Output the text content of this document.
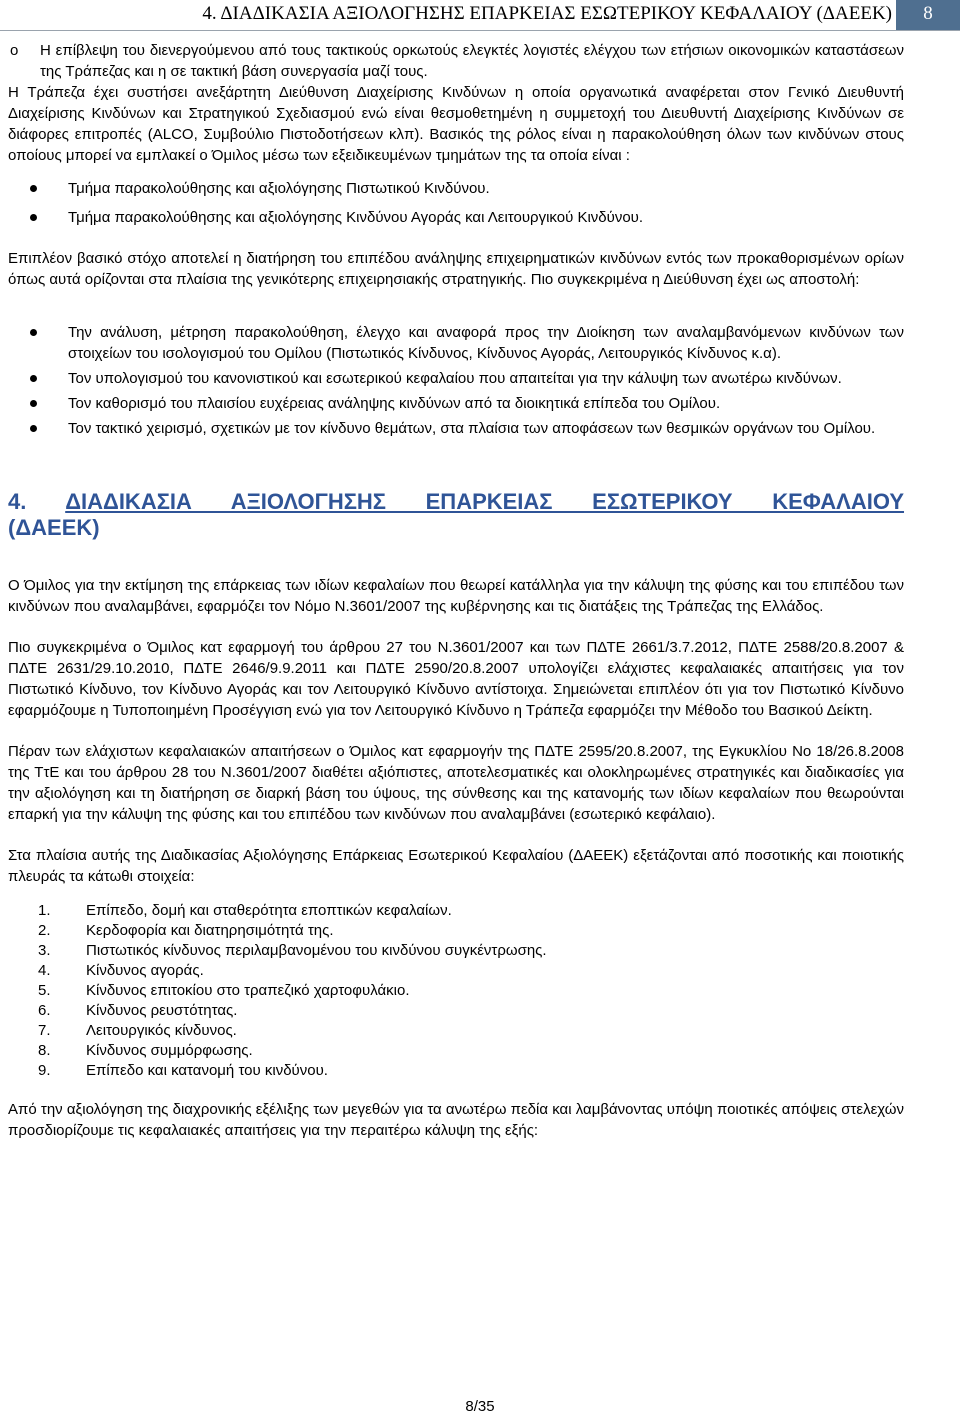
4. ΔΙΑΔΙΚΑΣΙΑ ΑΞΙΟΛΟΓΗΣΗΣ ΕΠΑΡΚΕΙΑΣ ΕΣΩΤΕΡΙΚΟΥ ΚΕΦΑΛΑΙΟΥ (ΔΑΕΕΚ)	8
o Η επίβλεψη του διενεργούμενου από τους τακτικούς ορκωτούς ελεγκτές λογιστές ελέγχου των ετήσιων οικονομικών καταστάσεων της Τράπεζας και η σε τακτική βάση συνεργασία μαζί τους.

Η Τράπεζα έχει συστήσει ανεξάρτητη Διεύθυνση Διαχείρισης Κινδύνων η οποία οργανωτικά αναφέρεται στον Γενικό Διευθυντή Διαχείρισης Κινδύνων και Στρατηγικού Σχεδιασμού ενώ είναι θεσμοθετημένη η συμμετοχή του Διευθυντή Διαχείρισης Κινδύνων σε διάφορες επιτροπές (ALCO, Συμβούλιο Πιστοδοτήσεων κλπ). Βασικός της ρόλος είναι η παρακολούθηση όλων των κινδύνων στους οποίους μπορεί να εμπλακεί ο Όμιλος μέσω των εξειδικευμένων τμημάτων της τα οποία είναι :

Τμήμα παρακολούθησης και αξιολόγησης Πιστωτικού Κινδύνου.
Τμήμα παρακολούθησης και αξιολόγησης Κινδύνου Αγοράς και Λειτουργικού Κινδύνου.

Επιπλέον βασικό στόχο αποτελεί η διατήρηση του επιπέδου ανάληψης επιχειρηματικών κινδύνων εντός των προκαθορισμένων ορίων όπως αυτά ορίζονται στα πλαίσια της γενικότερης επιχειρησιακής στρατηγικής. Πιο συγκεκριμένα η Διεύθυνση έχει ως αποστολή:

Την ανάλυση, μέτρηση παρακολούθηση, έλεγχο και αναφορά προς την Διοίκηση των αναλαμβανόμενων κινδύνων των στοιχείων του ισολογισμού του Ομίλου (Πιστωτικός Κίνδυνος, Κίνδυνος Αγοράς, Λειτουργικός Κίνδυνος κ.α).
Τον υπολογισμού του κανονιστικού και εσωτερικού κεφαλαίου που απαιτείται για την κάλυψη των ανωτέρω κινδύνων.
Τον καθορισμό του πλαισίου ευχέρειας ανάληψης κινδύνων από τα διοικητικά επίπεδα του Ομίλου.
Τον τακτικό χειρισμό, σχετικών με τον κίνδυνο θεμάτων, στα πλαίσια των αποφάσεων των θεσμικών οργάνων του Ομίλου.
4. ΔΙΑΔΙΚΑΣΙΑ ΑΞΙΟΛΟΓΗΣΗΣ ΕΠΑΡΚΕΙΑΣ ΕΣΩΤΕΡΙΚΟΥ ΚΕΦΑΛΑΙΟΥ
(ΔΑΕΕΚ)

Ο Όμιλος για την εκτίμηση της επάρκειας των ιδίων κεφαλαίων που θεωρεί κατάλληλα για την κάλυψη της φύσης και του επιπέδου των κινδύνων που αναλαμβάνει, εφαρμόζει τον Νόμο Ν.3601/2007 της κυβέρνησης και τις διατάξεις της Τράπεζας της Ελλάδος.

Πιο συγκεκριμένα ο Όμιλος κατ εφαρμογή του άρθρου 27 του Ν.3601/2007 και των ΠΔΤΕ 2661/3.7.2012, ΠΔΤΕ 2588/20.8.2007 & ΠΔΤΕ 2631/29.10.2010, ΠΔΤΕ 2646/9.9.2011 και ΠΔΤΕ 2590/20.8.2007 υπολογίζει ελάχιστες κεφαλαιακές απαιτήσεις για τον Πιστωτικό Κίνδυνο, τον Κίνδυνο Αγοράς και τον Λειτουργικό Κίνδυνο αντίστοιχα. Σημειώνεται επιπλέον ότι για τον Πιστωτικό Κίνδυνο εφαρμόζουμε η Τυποποιημένη Προσέγγιση ενώ για τον Λειτουργικό Κίνδυνο η Τράπεζα εφαρμόζει την Μέθοδο του Βασικού Δείκτη.

Πέραν των ελάχιστων κεφαλαιακών απαιτήσεων ο Όμιλος κατ εφαρμογήν της ΠΔΤΕ 2595/20.8.2007, της Εγκυκλίου Νο 18/26.8.2008 της ΤτΕ και του άρθρου 28 του Ν.3601/2007 διαθέτει αξιόπιστες, αποτελεσματικές και ολοκληρωμένες στρατηγικές και διαδικασίες για την αξιολόγηση και τη διατήρηση σε διαρκή βάση του ύψους, της σύνθεσης και της κατανομής των ιδίων κεφαλαίων που θεωρούνται επαρκή για την κάλυψη της φύσης και του επιπέδου των κινδύνων που αναλαμβάνει (εσωτερικό κεφάλαιο).

Στα πλαίσια αυτής της Διαδικασίας Αξιολόγησης Επάρκειας Εσωτερικού Κεφαλαίου (ΔΑΕΕΚ) εξετάζονται από ποσοτικής και ποιοτικής πλευράς τα κάτωθι στοιχεία:

1. Επίπεδο, δομή και σταθερότητα εποπτικών κεφαλαίων.
2. Κερδοφορία και διατηρησιμότητά της.
3. Πιστωτικός κίνδυνος περιλαμβανομένου του κινδύνου συγκέντρωσης.
4. Κίνδυνος αγοράς.
5. Κίνδυνος επιτοκίου στο τραπεζικό χαρτοφυλάκιο.
6. Κίνδυνος ρευστότητας.
7. Λειτουργικός κίνδυνος.
8. Κίνδυνος συμμόρφωσης.
9. Επίπεδο και κατανομή του κινδύνου.

Από την αξιολόγηση της διαχρονικής εξέλιξης των μεγεθών για τα ανωτέρω πεδία και λαμβάνοντας υπόψη ποιοτικές απόψεις στελεχών προσδιορίζουμε τις κεφαλαιακές απαιτήσεις για την περαιτέρω κάλυψη της εξής:

8/35
